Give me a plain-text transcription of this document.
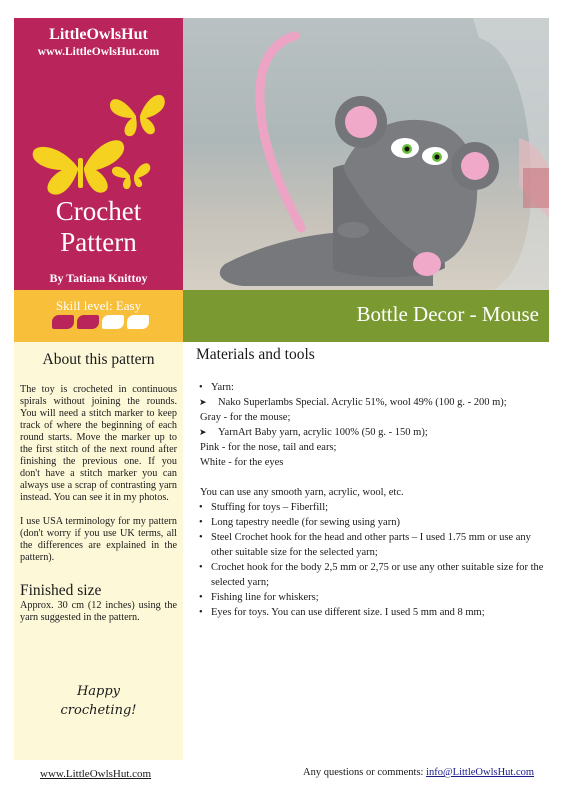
LittleOwlsHut
www.LittleOwlsHut.com
Crochet
Pattern
By Tatiana Knittoy
Skill level: Easy	Bottle Decor - Mouse
About this pattern

The toy is crocheted in continuous spirals without joining the rounds. You will need a stitch marker to keep track of where the beginning of each round starts. Move the marker up to the first stitch of the next round after finishing the previous one. If you don't have a stitch marker you can always use a scrap of contrasting yarn instead. You can see it in my photos.

I use USA terminology for my pattern (don't worry if you use UK terms, all the differences are explained in the pattern).

Finished size

Approx. 30 cm (12 inches) using the yarn suggested in the pattern.

Happy
crocheting!
Materials and tools
• Yarn:
➤ Nako Superlambs Special. Acrylic 51%, wool 49% (100 g. - 200 m);
Gray - for the mouse;
➤ YarnArt Baby yarn, acrylic 100% (50 g. - 150 m);
Pink - for the nose, tail and ears;
White - for the eyes
You can use any smooth yarn, acrylic, wool, etc.
• Stuffing for toys – Fiberfill;
• Long tapestry needle (for sewing using yarn)
• Steel Crochet hook for the head and other parts – I used 1.75 mm or use any other suitable size for the selected yarn;
• Crochet hook for the body 2,5 mm or 2,75 or use any other suitable size for the selected yarn;
• Fishing line for whiskers;
• Eyes for toys. You can use different size. I used 5 mm and 8 mm;
www.LittleOwlsHut.com	Any questions or comments: info@LittleOwlsHut.com
